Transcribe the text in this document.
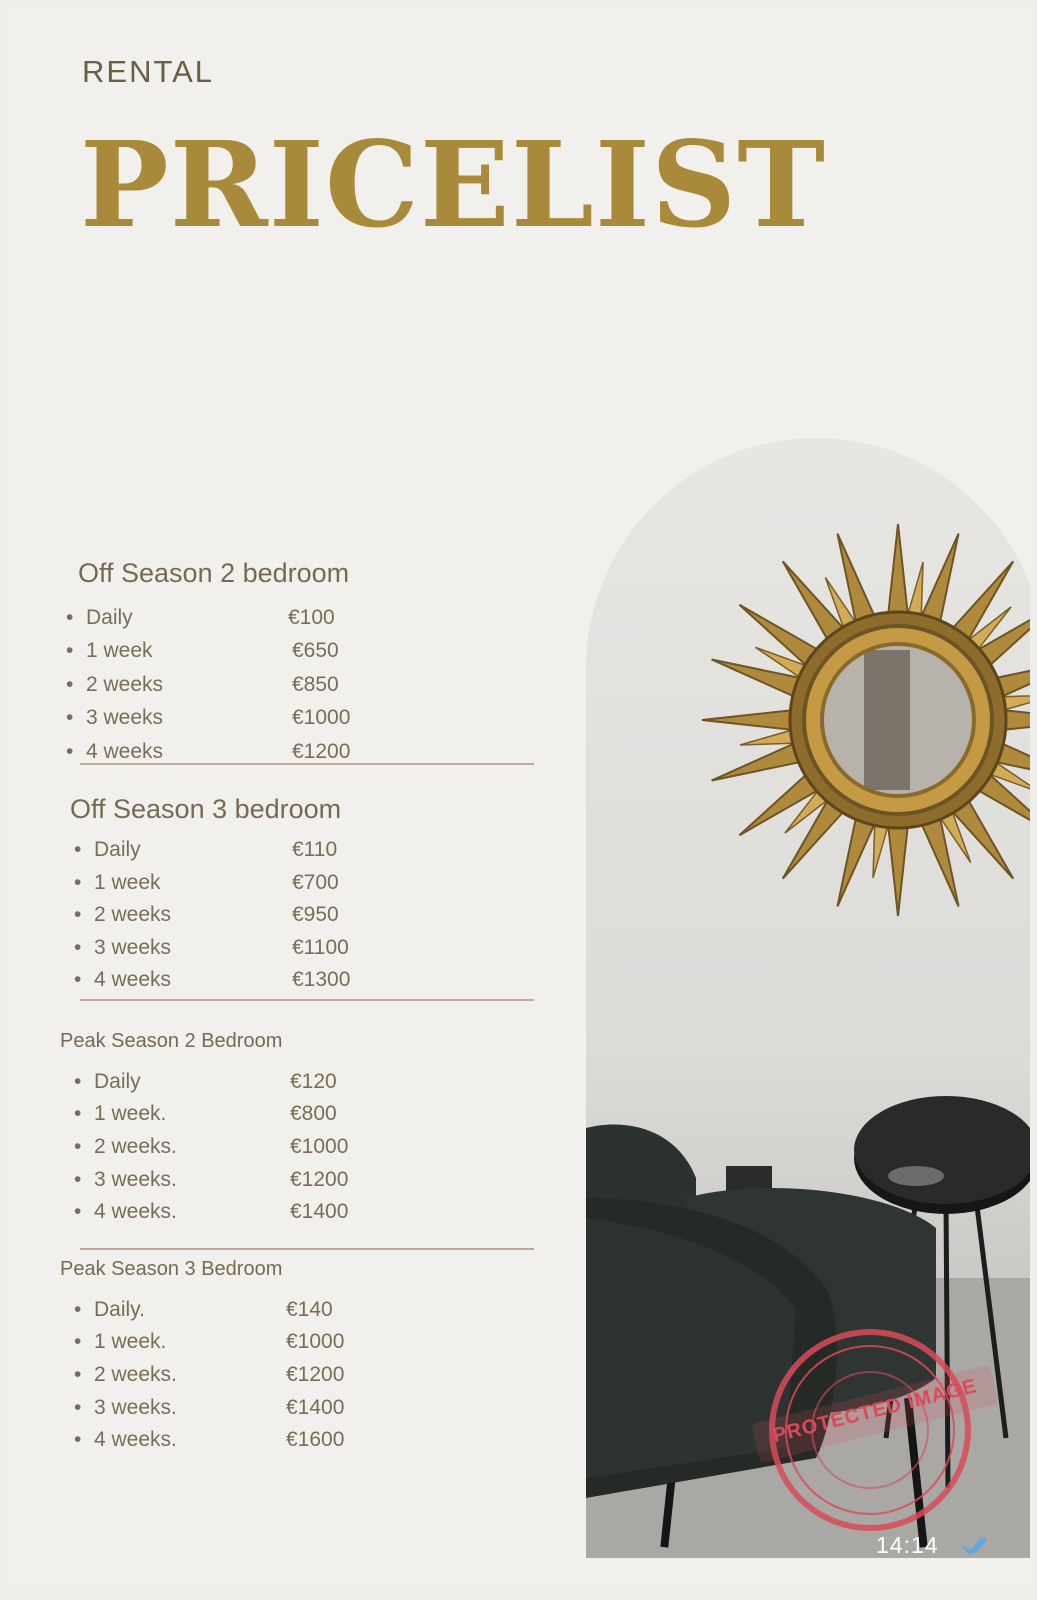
RENTAL
PRICELIST
Off Season 2 bedroom
• Daily	€100
• 1 week	€650
• 2 weeks	€850
• 3 weeks	€1000
• 4 weeks	€1200
Off Season 3 bedroom
• Daily	€110
• 1 week	€700
• 2 weeks	€950
• 3 weeks	€1100
• 4 weeks	€1300
Peak Season 2 Bedroom
• Daily	€120
• 1 week.	€800
• 2 weeks.	€1000
• 3 weeks.	€1200
• 4 weeks.	€1400
Peak Season 3 Bedroom
• Daily.	€140
• 1 week.	€1000
• 2 weeks.	€1200
• 3 weeks.	€1400
• 4 weeks.	€1600	PROTECTED IMAGE
14:14
